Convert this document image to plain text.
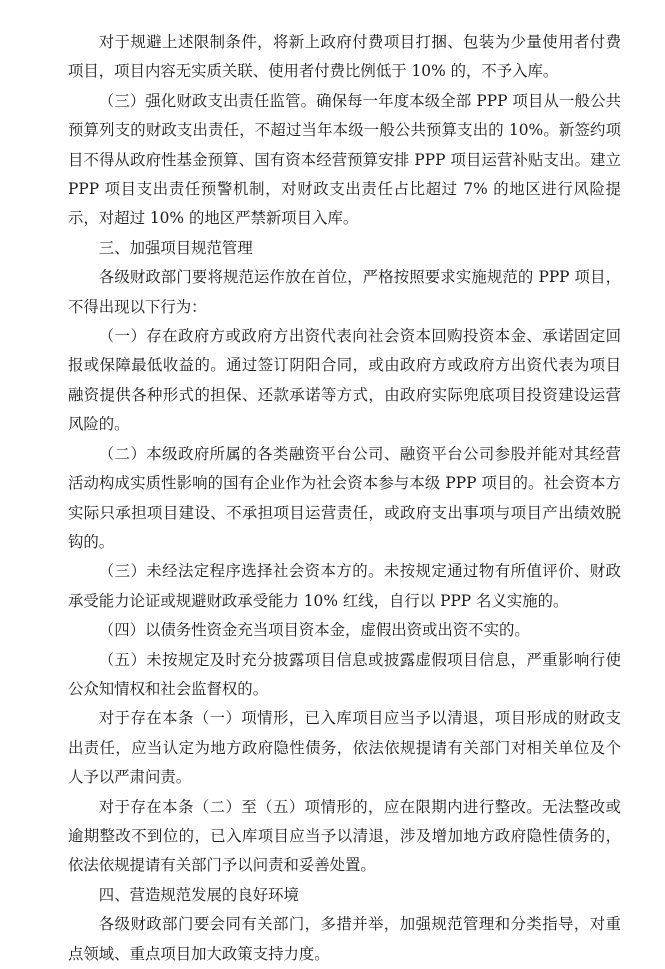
对于规避上述限制条件，将新上政府付费项目打捆、包装为少量使用者付费项目，项目内容无实质关联、使用者付费比例低于 10% 的，不予入库。

（三）强化财政支出责任监管。确保每一年度本级全部 PPP 项目从一般公共预算列支的财政支出责任，不超过当年本级一般公共预算支出的 10%。新签约项目不得从政府性基金预算、国有资本经营预算安排 PPP 项目运营补贴支出。建立 PPP 项目支出责任预警机制，对财政支出责任占比超过 7% 的地区进行风险提示，对超过 10% 的地区严禁新项目入库。

三、加强项目规范管理

各级财政部门要将规范运作放在首位，严格按照要求实施规范的 PPP 项目，不得出现以下行为：

（一）存在政府方或政府方出资代表向社会资本回购投资本金、承诺固定回报或保障最低收益的。通过签订阴阳合同，或由政府方或政府方出资代表为项目融资提供各种形式的担保、还款承诺等方式，由政府实际兜底项目投资建设运营风险的。

（二）本级政府所属的各类融资平台公司、融资平台公司参股并能对其经营活动构成实质性影响的国有企业作为社会资本参与本级 PPP 项目的。社会资本方实际只承担项目建设、不承担项目运营责任，或政府支出事项与项目产出绩效脱钩的。

（三）未经法定程序选择社会资本方的。未按规定通过物有所值评价、财政承受能力论证或规避财政承受能力 10% 红线，自行以 PPP 名义实施的。

（四）以债务性资金充当项目资本金，虚假出资或出资不实的。

（五）未按规定及时充分披露项目信息或披露虚假项目信息，严重影响行使公众知情权和社会监督权的。

对于存在本条（一）项情形，已入库项目应当予以清退，项目形成的财政支出责任，应当认定为地方政府隐性债务，依法依规提请有关部门对相关单位及个人予以严肃问责。

对于存在本条（二）至（五）项情形的，应在限期内进行整改。无法整改或逾期整改不到位的，已入库项目应当予以清退，涉及增加地方政府隐性债务的，依法依规提请有关部门予以问责和妥善处置。

四、营造规范发展的良好环境

各级财政部门要会同有关部门，多措并举，加强规范管理和分类指导，对重点领域、重点项目加大政策支持力度。
